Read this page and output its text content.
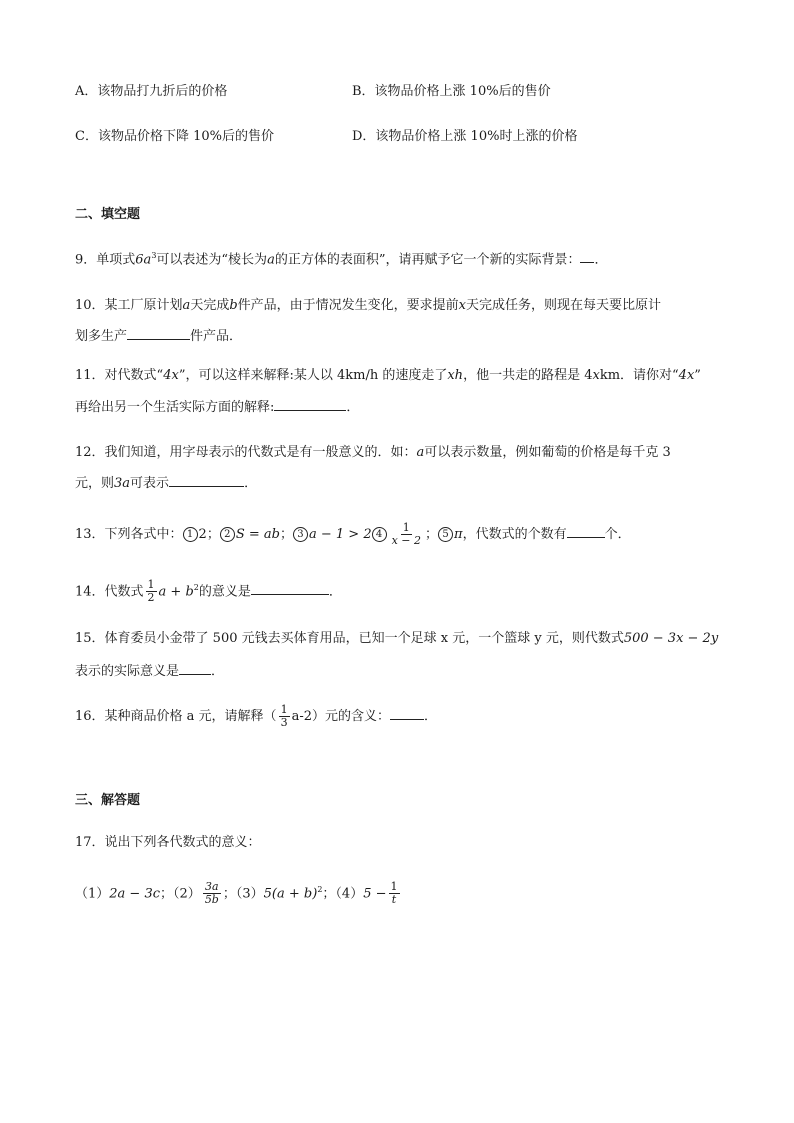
A．该物品打九折后的价格	B．该物品价格上涨 10%后的售价
C．该物品价格下降 10%后的售价	D．该物品价格上涨 10%时上涨的价格
二、填空题
9．单项式$6a^3$可以表述为“棱长为a的正方体的表面积”，请再赋予它一个新的实际背景： ．
10．某工厂原计划a天完成b件产品，由于情况发生变化，要求提前x天完成任务，则现在每天要比原计
划多生产	件产品．
11．对代数式“4x”，可以这样来解释:某人以 4km/h 的速度走了xh，他一共走的路程是 4xkm．请你对“4x”
再给出另一个生活实际方面的解释:	．
12．我们知道，用字母表示的代数式是有一般意义的．如：a可以表示数量，例如葡萄的价格是每千克 3
元，则3a可表示	．
13．下列各式中： 1 2； 2 S = ab； 3 a − 1 > 2 $4 \frac{1}{x - 2}$ ； 5 π，代数式的个数有	个．
14．代数式 $\frac{1}{2}$ $a + b^2$的意义是	．
15．体育委员小金带了 500 元钱去买体育用品，已知一个足球 x 元，一个篮球 y 元，则代数式500 − 3x − 2y
表示的实际意义是 ．
16．某种商品价格 a 元，请解释（ $\frac{1}{3} a-2$）元的含义：	．
三、解答题
17．说出下列各代数式的意义：
（1）2a − 3c；$(2) \frac{3a}{5b}$ ；$(3)5(a + b)^2$；$(4)5 - \frac{1}{t}$
